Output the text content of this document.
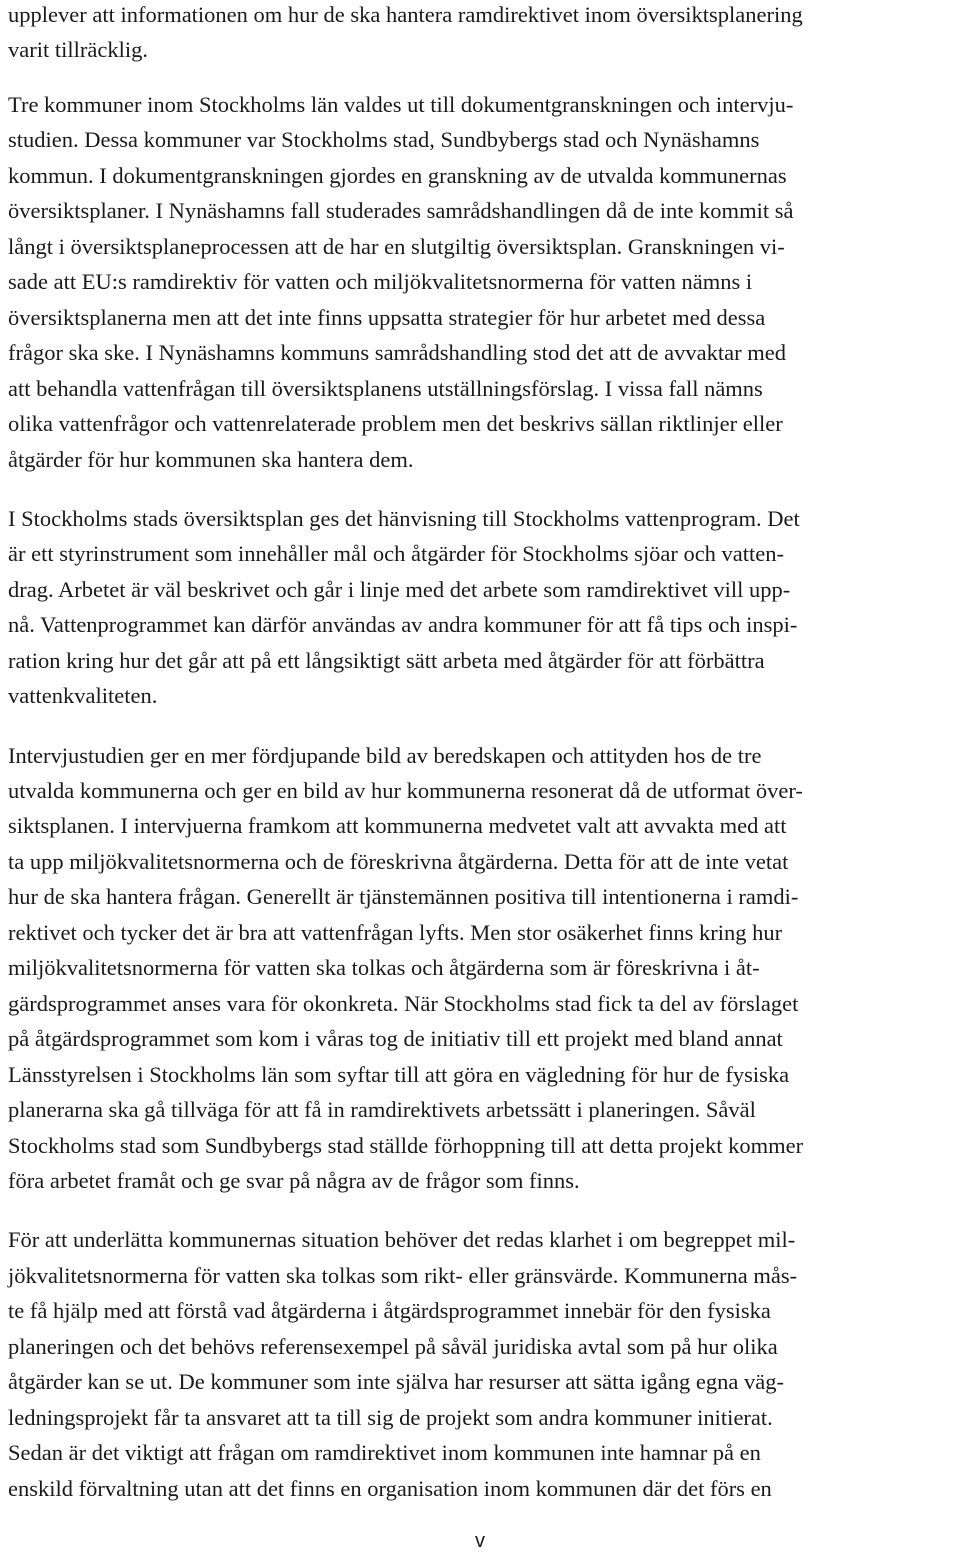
upplever att informationen om hur de ska hantera ramdirektivet inom översiktsplanering
varit tillräcklig.
Tre kommuner inom Stockholms län valdes ut till dokumentgranskningen och intervju-
studien. Dessa kommuner var Stockholms stad, Sundbybergs stad och Nynäshamns
kommun. I dokumentgranskningen gjordes en granskning av de utvalda kommunernas
översiktsplaner. I Nynäshamns fall studerades samrådshandlingen då de inte kommit så
långt i översiktsplaneprocessen att de har en slutgiltig översiktsplan. Granskningen vi-
sade att EU:s ramdirektiv för vatten och miljökvalitetsnormerna för vatten nämns i
översiktsplanerna men att det inte finns uppsatta strategier för hur arbetet med dessa
frågor ska ske. I Nynäshamns kommuns samrådshandling stod det att de avvaktar med
att behandla vattenfrågan till översiktsplanens utställningsförslag. I vissa fall nämns
olika vattenfrågor och vattenrelaterade problem men det beskrivs sällan riktlinjer eller
åtgärder för hur kommunen ska hantera dem.
I Stockholms stads översiktsplan ges det hänvisning till Stockholms vattenprogram. Det
är ett styrinstrument som innehåller mål och åtgärder för Stockholms sjöar och vatten-
drag. Arbetet är väl beskrivet och går i linje med det arbete som ramdirektivet vill upp-
nå. Vattenprogrammet kan därför användas av andra kommuner för att få tips och inspi-
ration kring hur det går att på ett långsiktigt sätt arbeta med åtgärder för att förbättra
vattenkvaliteten.
Intervjustudien ger en mer fördjupande bild av beredskapen och attityden hos de tre
utvalda kommunerna och ger en bild av hur kommunerna resonerat då de utformat över-
siktsplanen. I intervjuerna framkom att kommunerna medvetet valt att avvakta med att
ta upp miljökvalitetsnormerna och de föreskrivna åtgärderna. Detta för att de inte vetat
hur de ska hantera frågan. Generellt är tjänstemännen positiva till intentionerna i ramdi-
rektivet och tycker det är bra att vattenfrågan lyfts. Men stor osäkerhet finns kring hur
miljökvalitetsnormerna för vatten ska tolkas och åtgärderna som är föreskrivna i åt-
gärdsprogrammet anses vara för okonkreta. När Stockholms stad fick ta del av förslaget
på åtgärdsprogrammet som kom i våras tog de initiativ till ett projekt med bland annat
Länsstyrelsen i Stockholms län som syftar till att göra en vägledning för hur de fysiska
planerarna ska gå tillväga för att få in ramdirektivets arbetssätt i planeringen. Såväl
Stockholms stad som Sundbybergs stad ställde förhoppning till att detta projekt kommer
föra arbetet framåt och ge svar på några av de frågor som finns.
För att underlätta kommunernas situation behöver det redas klarhet i om begreppet mil-
jökvalitetsnormerna för vatten ska tolkas som rikt- eller gränsvärde. Kommunerna mås-
te få hjälp med att förstå vad åtgärderna i åtgärdsprogrammet innebär för den fysiska
planeringen och det behövs referensexempel på såväl juridiska avtal som på hur olika
åtgärder kan se ut. De kommuner som inte själva har resurser att sätta igång egna väg-
ledningsprojekt får ta ansvaret att ta till sig de projekt som andra kommuner initierat.
Sedan är det viktigt att frågan om ramdirektivet inom kommunen inte hamnar på en
enskild förvaltning utan att det finns en organisation inom kommunen där det förs en
v
